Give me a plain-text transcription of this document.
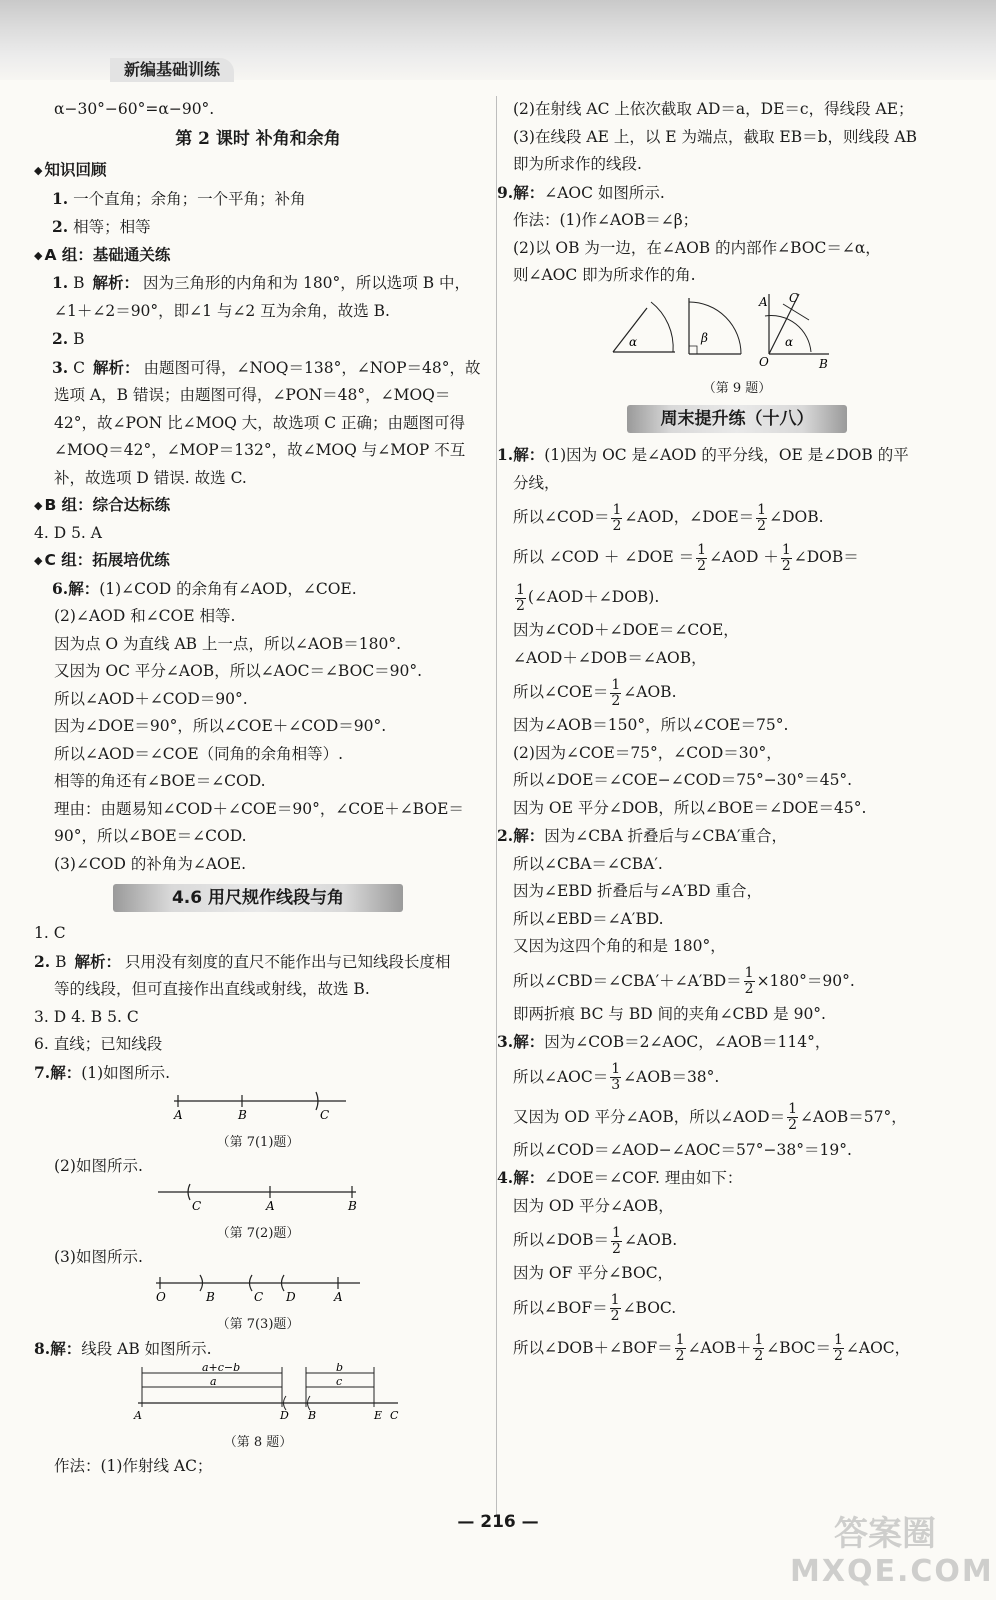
新编基础训练
α−30°−60°=α−90°.
第 2 课时 补角和余角
◆ 知识回顾
1. 一个直角；余角；一个平角；补角
2. 相等；相等
◆ A 组：基础通关练
1. B 解析： 因为三角形的内角和为 180°，所以选项 B 中，
∠1＋∠2＝90°，即∠1 与∠2 互为余角，故选 B.
2. B
3. C 解析： 由题图可得，∠NOQ＝138°，∠NOP＝48°，故
选项 A，B 错误；由题图可得，∠PON＝48°，∠MOQ＝
42°，故∠PON 比∠MOQ 大，故选项 C 正确；由题图可得
∠MOQ＝42°，∠MOP＝132°，故∠MOQ 与∠MOP 不互
补，故选项 D 错误. 故选 C.
◆ B 组：综合达标练
4. D 5. A
◆ C 组：拓展培优练
6.解：(1)∠COD 的余角有∠AOD，∠COE.
(2)∠AOD 和∠COE 相等.
因为点 O 为直线 AB 上一点，所以∠AOB＝180°.
又因为 OC 平分∠AOB，所以∠AOC＝∠BOC＝90°.
所以∠AOD＋∠COD＝90°.
因为∠DOE＝90°，所以∠COE＋∠COD＝90°.
所以∠AOD＝∠COE（同角的余角相等）.
相等的角还有∠BOE＝∠COD.
理由：由题易知∠COD＋∠COE＝90°，∠COE＋∠BOE＝
90°，所以∠BOE＝∠COD.
(3)∠COD 的补角为∠AOE.
4.6 用尺规作线段与角
1. C
2. B 解析： 只用没有刻度的直尺不能作出与已知线段长度相
等的线段，但可直接作出直线或射线，故选 B.
3. D 4. B 5. C
6. 直线；已知线段
7.解：(1)如图所示.
A	B	C
（第 7(1)题）
(2)如图所示.
C	A	B
（第 7(2)题）
(3)如图所示.
O	B	C D	A
（第 7(3)题）
8.解：线段 AB 如图所示.
a+c−b
a
b
c
A	D B	E C
（第 8 题）
作法：(1)作射线 AC；
(2)在射线 AC 上依次截取 AD＝a，DE＝c，得线段 AE；
(3)在线段 AE 上，以 E 为端点，截取 EB＝b，则线段 AB
即为所求作的线段.
9.解：∠AOC 如图所示.
作法：(1)作∠AOB＝∠β；
(2)以 OB 为一边，在∠AOB 的内部作∠BOC＝∠α，
则∠AOC 即为所求作的角.
α	β
A C
O
α
B
（第 9 题）
周末提升练（十八）
1.解：(1)因为 OC 是∠AOD 的平分线，OE 是∠DOB 的平
分线，
所以∠COD＝ $\frac{1}{2}$ ∠AOD，∠DOE＝ $\frac{1}{2}$ ∠DOB.
所以 ∠COD ＋ ∠DOE ＝ $\frac{1}{2}$ ∠AOD ＋ $\frac{1}{2}$ ∠DOB＝
$\frac{1}{2}$ (∠AOD＋∠DOB).
因为∠COD＋∠DOE＝∠COE，
∠AOD＋∠DOB＝∠AOB，
所以∠COE＝ $\frac{1}{2}$ ∠AOB.
因为∠AOB＝150°，所以∠COE＝75°.
(2)因为∠COE＝75°，∠COD＝30°，
所以∠DOE＝∠COE−∠COD＝75°−30°＝45°.
因为 OE 平分∠DOB，所以∠BOE＝∠DOE＝45°.
2.解：因为∠CBA 折叠后与∠CBA′重合，
所以∠CBA＝∠CBA′.
因为∠EBD 折叠后与∠A′BD 重合，
所以∠EBD＝∠A′BD.
又因为这四个角的和是 180°，
所以∠CBD＝∠CBA′＋∠A′BD＝ $\frac{1}{2} \times 180^\circ=90^\circ$.
即两折痕 BC 与 BD 间的夹角∠CBD 是 90°.
3.解：因为∠COB＝2∠AOC，∠AOB＝114°，
所以∠AOC＝ $\frac{1}{3}$ ∠AOB＝38°.
又因为 OD 平分∠AOB，所以∠AOD＝ $\frac{1}{2}$ ∠AOB＝57°，
所以∠COD＝∠AOD−∠AOC＝57°−38°＝19°.
4.解：∠DOE＝∠COF. 理由如下：
因为 OD 平分∠AOB，
所以∠DOB＝ $\frac{1}{2}$ ∠AOB.
因为 OF 平分∠BOC，
所以∠BOF＝ $\frac{1}{2}$ ∠BOC.
所以∠DOB＋∠BOF＝ $\frac{1}{2}$ ∠AOB＋ $\frac{1}{2}$ ∠BOC＝ $\frac{1}{2}$ ∠AOC，
— 216 —	答案圈
MXQE.COM
